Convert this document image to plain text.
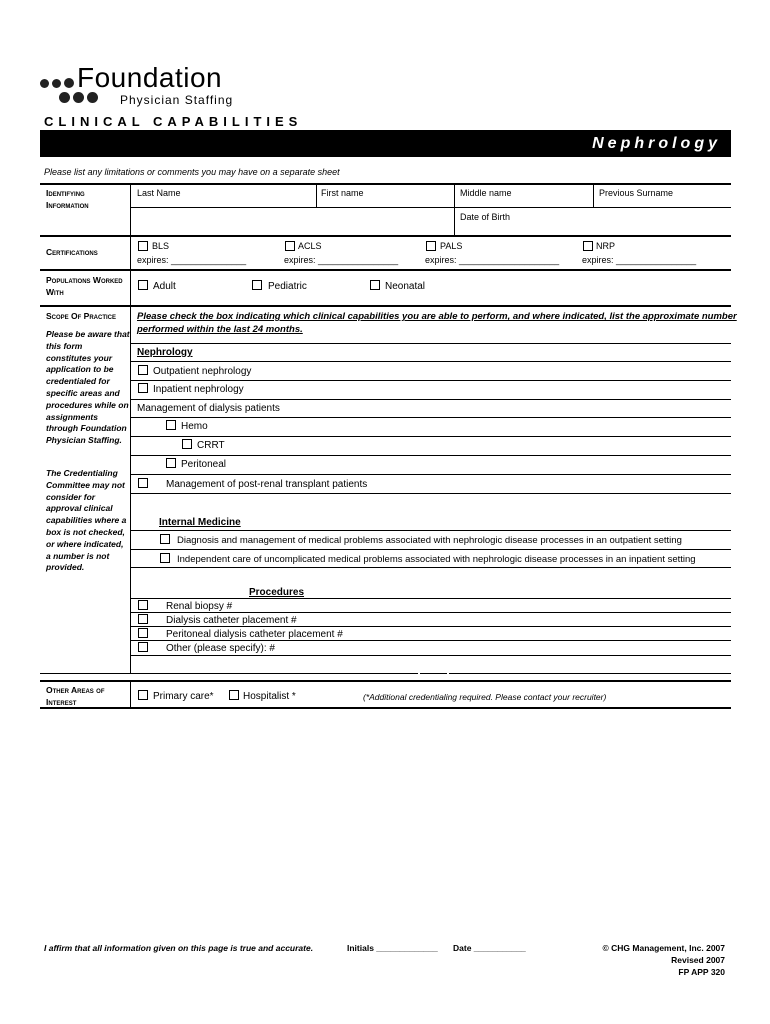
Foundation
Physician Staffing
CLINICAL CAPABILITIES
Nephrology
Please list any limitations or comments you may have on a separate sheet
Identifying Information
Last Name	First name	Middle name	Previous Surname
Date of Birth
Certifications
BLS
expires: _______________
ACLS
expires: ________________
PALS
expires: ____________________
NRP
expires: ________________
Populations Worked With	Adult	Pediatric	Neonatal
Scope Of Practice
Please be aware that this form constitutes your application to be credentialed for specific areas and procedures while on assignments through Foundation Physician Staffing.
The Credentialing Committee may not consider for approval clinical capabilities where a box is not checked, or where indicated, a number is not provided.
Please check the box indicating which clinical capabilities you are able to perform, and where indicated, list the approximate number
performed within the last 24 months.
Nephrology
Outpatient nephrology
Inpatient nephrology
Management of dialysis patients
Hemo
CRRT
Peritoneal
Management of post-renal transplant patients
Internal Medicine
Diagnosis and management of medical problems associated with nephrologic disease processes in an outpatient setting
Independent care of uncomplicated medical problems associated with nephrologic disease processes in an inpatient setting
Procedures
Renal biopsy #
Dialysis catheter placement #
Peritoneal dialysis catheter placement #
Other (please specify): #
Other Areas of Interest	Primary care*	Hospitalist *	(*Additional credentialing required. Please contact your recruiter)
I affirm that all information given on this page is true and accurate.	Initials _____________ Date ___________	© CHG Management, Inc. 2007
Revised 2007
FP APP 320
